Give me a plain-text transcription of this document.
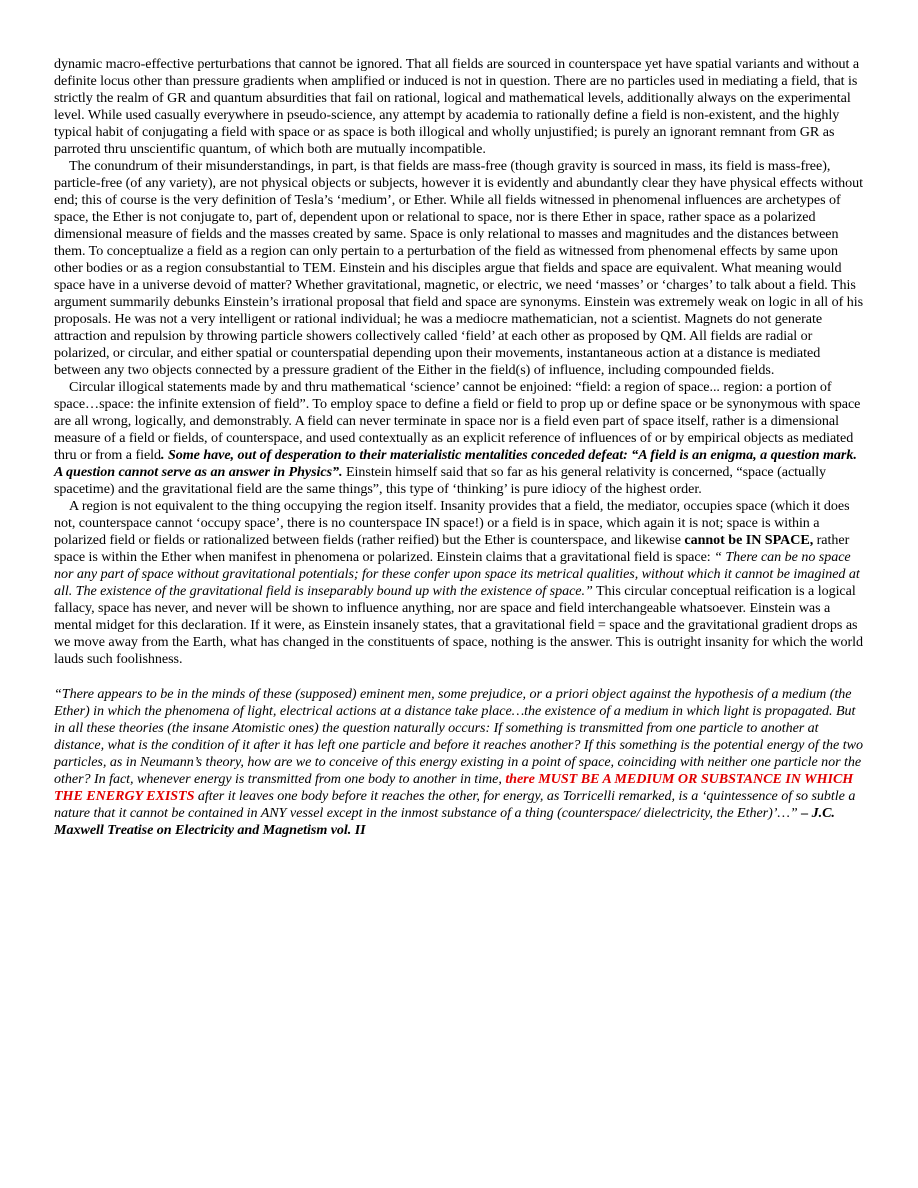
dynamic macro-effective perturbations that cannot be ignored. That all fields are sourced in counterspace yet have spatial variants and without a definite locus other than pressure gradients when amplified or induced is not in question. There are no particles used in mediating a field, that is strictly the realm of GR and quantum absurdities that fail on rational, logical and mathematical levels, additionally always on the experimental level. While used casually everywhere in pseudo-science, any attempt by academia to rationally define a field is non-existent, and the highly typical habit of conjugating a field with space or as space is both illogical and wholly unjustified; is purely an ignorant remnant from GR as parroted thru unscientific quantum, of which both are mutually incompatible.

The conundrum of their misunderstandings, in part, is that fields are mass-free (though gravity is sourced in mass, its field is mass-free), particle-free (of any variety), are not physical objects or subjects, however it is evidently and abundantly clear they have physical effects without end; this of course is the very definition of Tesla’s ‘medium’, or Ether. While all fields witnessed in phenomenal influences are archetypes of space, the Ether is not conjugate to, part of, dependent upon or relational to space, nor is there Ether in space, rather space as a polarized dimensional measure of fields and the masses created by same. Space is only relational to masses and magnitudes and the distances between them. To conceptualize a field as a region can only pertain to a perturbation of the field as witnessed from phenomenal effects by same upon other bodies or as a region consubstantial to TEM. Einstein and his disciples argue that fields and space are equivalent. What meaning would space have in a universe devoid of matter? Whether gravitational, magnetic, or electric, we need ‘masses’ or ‘charges’ to talk about a field. This argument summarily debunks Einstein’s irrational proposal that field and space are synonyms. Einstein was extremely weak on logic in all of his proposals. He was not a very intelligent or rational individual; he was a mediocre mathematician, not a scientist. Magnets do not generate attraction and repulsion by throwing particle showers collectively called ‘field’ at each other as proposed by QM. All fields are radial or polarized, or circular, and either spatial or counterspatial depending upon their movements, instantaneous action at a distance is mediated between any two objects connected by a pressure gradient of the Either in the field(s) of influence, including compounded fields.

Circular illogical statements made by and thru mathematical ‘science’ cannot be enjoined: “field: a region of space... region: a portion of space…space: the infinite extension of field”. To employ space to define a field or field to prop up or define space or be synonymous with space are all wrong, logically, and demonstrably. A field can never terminate in space nor is a field even part of space itself, rather is a dimensional measure of a field or fields, of counterspace, and used contextually as an explicit reference of influences of or by empirical objects as mediated thru or from a field. Some have, out of desperation to their materialistic mentalities conceded defeat: “A field is an enigma, a question mark. A question cannot serve as an answer in Physics”. Einstein himself said that so far as his general relativity is concerned, “space (actually spacetime) and the gravitational field are the same things”, this type of ‘thinking’ is pure idiocy of the highest order.

A region is not equivalent to the thing occupying the region itself. Insanity provides that a field, the mediator, occupies space (which it does not, counterspace cannot ‘occupy space’, there is no counterspace IN space!) or a field is in space, which again it is not; space is within a polarized field or fields or rationalized between fields (rather reified) but the Ether is counterspace, and likewise cannot be IN SPACE, rather space is within the Ether when manifest in phenomena or polarized. Einstein claims that a gravitational field is space: “ There can be no space nor any part of space without gravitational potentials; for these confer upon space its metrical qualities, without which it cannot be imagined at all. The existence of the gravitational field is inseparably bound up with the existence of space.” This circular conceptual reification is a logical fallacy, space has never, and never will be shown to influence anything, nor are space and field interchangeable whatsoever. Einstein was a mental midget for this declaration. If it were, as Einstein insanely states, that a gravitational field = space and the gravitational gradient drops as we move away from the Earth, what has changed in the constituents of space, nothing is the answer. This is outright insanity for which the world lauds such foolishness.

“There appears to be in the minds of these (supposed) eminent men, some prejudice, or a priori object against the hypothesis of a medium (the Ether) in which the phenomena of light, electrical actions at a distance take place…the existence of a medium in which light is propagated. But in all these theories (the insane Atomistic ones) the question naturally occurs: If something is transmitted from one particle to another at distance, what is the condition of it after it has left one particle and before it reaches another? If this something is the potential energy of the two particles, as in Neumann’s theory, how are we to conceive of this energy existing in a point of space, coinciding with neither one particle nor the other? In fact, whenever energy is transmitted from one body to another in time, there MUST BE A MEDIUM OR SUBSTANCE IN WHICH THE ENERGY EXISTS after it leaves one body before it reaches the other, for energy, as Torricelli remarked, is a ‘quintessence of so subtle a nature that it cannot be contained in ANY vessel except in the inmost substance of a thing (counterspace/ dielectricity, the Ether)’…” – J.C. Maxwell Treatise on Electricity and Magnetism vol. II
